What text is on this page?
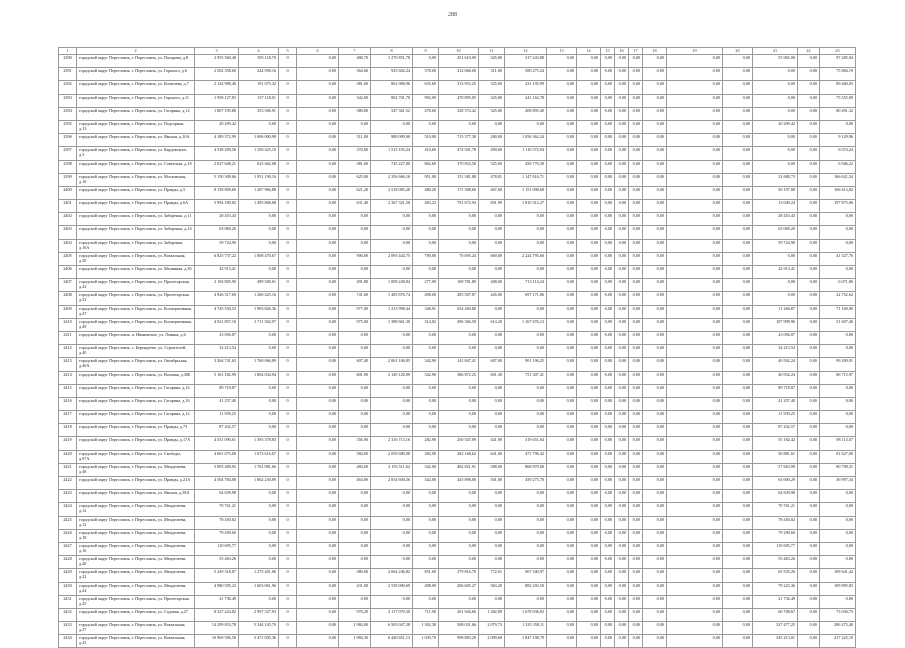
288
1	2	3	4	5	6	7	8	9	10	11	12	13	14	15	16	17	18	19	20	21	22	23
2390	городской округ Переславль, г. Переславль, ул. Пахарова, д.8	2 955 560,48	395 118,70	0	0,00	480,70	1 270 851,78	0,00	451 610,00	345,00	317 243,88	0,00	0,00	0,00	0,00	0,00	0,00	0,00	0,00	55 965,00	0,00	97 285,04
2391	городской округ Переславль, г. Переславль, ул. Горького, д.6	2 502 358,60	244 958,16	0	0,00	364,60	925 602,24	578,00	412 068,00	311,00	500 275,24	0,00	0,00	0,00	0,00	0,00	0,00	0,00	0,00	0,00	0,00	75 884,19
2392	городской округ Переславль, г. Переславль, ул. Кошелева, д.7	2 124 988,40	191 075,32	0	0,00	381,00	861 008,96	635,60	313 953,25	325,00	231 195,99	0,00	0,00	0,00	0,00	0,00	0,00	0,00	0,00	0,00	0,00	89 460,05
2393	городской округ Переславль, г. Переславль, ул. Горького, д.11	1 958 127,83	157 118,01	0	0,00	342,00	802 701,70	992,00	470 895,05	325,00	241 162,78	0,00	0,00	0,00	0,00	0,00	0,00	0,00	0,00	0,00	0,00	75 555,09
2394	городской округ Переславль, г. Переславль, ул. Гагарина, д.12	1 807 195,80	353 306,91	0	0,00	380,80	547 361,52	478,60	328 574,42	325,00	208 895,40	0,00	0,00	0,00	0,00	0,00	0,00	0,00	0,00	0,00	0,00	80 491,32
2395	городской округ Переславль, г. Переславль, ул. Подгорная, д.13	20 209,42	0,00	0	0,00	0,00	0,00	0,00	0,00	0,00	0,00	0,00	0,00	0,00	0,00	0,00	0,00	0,00	0,00	20 209,42	0,00	0,00
2396	городской округ Переславль, г. Переславль, ул. Ямская, д.10А	4 189 372,99	1 006 000,98	0	0,00	511,00	980 009,00	510,00	715 377,30	280,00	1 056 362,24	0,00	0,00	0,00	0,00	0,00	0,00	0,00	0,00	0,00	0,00	9 129,96
2397	городской округ Переславль, г. Переславль, ул. Кардовского, д.5	4 538 209,56	1 350 425,10	0	0,00	370,00	1 513 103,24	410,60	474 501,78	490,00	1 110 372,94	0,00	0,00	0,00	0,00	0,00	0,00	0,00	0,00	0,00	0,00	6 074,24
2398	городской округ Переславль, г. Переславль, ул. Советская, д.18	2 027 648,21	623 462,08	0	0,00	381,00	745 227,00	862,60	370 833,50	525,00	456 770,30	0,00	0,00	0,00	0,00	0,00	0,00	0,00	0,00	0,00	0,00	6 946,22
2399	городской округ Переславль, г. Переславль, ул. Московская, д.10	5 150 309,66	1 951 190,16	0	0,00	625,00	2 356 666,16	951,00	151 381,88	478,81	1 147 616,71	0,00	0,00	0,00	0,00	0,00	0,00	0,00	0,00	52 680,73	0,00	166 621,54
2400	городской округ Переславль, г. Переславль, ул. Правды, д.5	8 158 809,60	1 207 966,88	0	0,00	621,20	3 518 085,28	480,20	171 508,66	467,00	1 151 098,68	0,00	0,00	0,00	0,00	0,00	0,00	0,00	0,00	50 197,08	0,00	166 613,82
2401	городской округ Переславль, г. Переславль, ул. Правды, д.6А	5 994 189,82	1 495 868,68	0	0,00	631,40	2 367 321,58	483,23	791 672,94	691,99	1 810 312,27	0,00	0,00	0,00	0,00	0,00	0,00	0,00	0,00	13 049,24	0,00	197 875,06
2402	городской округ Переславль, г. Переславль, ул. Заборенка, д.11	28 453,43	0,00	0	0,00	0,00	0,00	0,00	0,00	0,00	0,00	0,00	0,00	0,00	0,00	0,00	0,00	0,00	0,00	28 453,43	0,00	0,00
2403	городской округ Переславль, г. Переславль, ул. Заборенка, д.14	63 069,20	0,00	0	0,00	0,00	0,00	0,00	0,00	0,00	0,00	0,00	0,00	0,00	0,00	0,00	0,00	0,00	0,00	63 069,20	0,00	0,00
2404	городской округ Переславль, г. Переславль, ул. Заборенка, д.16А	59 724,90	0,00	0	0,00	0,00	0,00	0,00	0,00	0,00	0,00	0,00	0,00	0,00	0,00	0,00	0,00	0,00	0,00	59 724,90	0,00	0,00
2405	городской округ Переславль, г. Переславль, ул. Вокзальная, д.50	6 825 737,22	1 008 470,67	0	0,00	900,00	2 095 444,75	790,00	70 695,24	669,00	2 224 795,60	0,00	0,00	0,00	0,00	0,00	0,00	0,00	0,00	0,00	0,00	41 527,76
2406	городской округ Переславль, г. Переславль, ул. Малинная, д.36	42 913,41	0,00	0	0,00	0,00	0,00	0,00	0,00	0,00	0,00	0,00	0,00	0,00	0,00	0,00	0,00	0,00	0,00	42 913,41	0,00	0,00
2407	городской округ Переславль, г. Переславль, ул. Пролетарская, д.22	2 194 805,90	499 500,61	0	0,00	491,80	1 009 248,84	277,00	169 781,80	408,00	713 114,24	0,00	0,00	0,00	0,00	0,00	0,00	0,00	0,00	0,00	0,00	6 071,86
2408	городской округ Переславль, г. Переславль, ул. Пролетарская, д.33	4 926 317,69	1 260 425,16	0	0,00	741,60	1 483 876,74	498,00	285 507,87	426,00	697 171,86	0,00	0,00	0,00	0,00	0,00	0,00	0,00	0,00	0,00	0,00	22 752,62
2409	городской округ Переславль, г. Переславль, ул. Кооперативная, д.47	4 745 530,53	1 903 826,36	0	0,00	977,00	1 213 998,44	348,91	654 269,80	0,00	0,00	0,00	0,00	0,00	0,00	0,00	0,00	0,00	0,00	11 266,87	0,00	71 169,90
2410	городской округ Переславль, г. Переславль, ул. Кооперативная, д.49	4 921 857,16	1 711 562,97	0	0,00	975,00	1 388 661,30	314,02	496 366,50	614,20	1 167 676,13	0,00	0,00	0,00	0,00	0,00	0,00	0,00	0,00	107 999,96	0,00	51 607,46
2411	городской округ Переславль, п. Ивановское, ул. Ленина, д.6	23 056,07	0,00	0	0,00	0,00	0,00	0,00	0,00	0,00	0,00	0,00	0,00	0,00	0,00	0,00	0,00	0,00	0,00	23 056,07	0,00	0,00
2412	городской округ Переславль, с. Берендеево, ул. Строителей, д.40	32 213,54	0,00	0	0,00	0,00	0,00	0,00	0,00	0,00	0,00	0,00	0,00	0,00	0,00	0,00	0,00	0,00	0,00	32 213,54	0,00	0,00
2413	городской округ Переславль, г. Переславль, ул. Октябрьская, д.40А	3 264 741,63	1 760 066,89	0	0,00	607,40	2 061 106,85	342,90	141 847,41	607,00	901 196,25	0,00	0,00	0,00	0,00	0,00	0,00	0,00	0,00	40 502,24	0,00	99 209,91
2414	городской округ Переславль, г. Переславль, ул. Валовая, д.30Б	5 161 182,99	1 804 034,94	0	0,00	601,90	2 149 120,09	342,90	386 872,25	601,30	751 307,41	0,00	0,00	0,00	0,00	0,00	0,00	0,00	0,00	40 932,24	0,00	86 715,97
2415	городской округ Переславль, г. Переславль, ул. Гагарина, д.14	89 718,87	0,00	0	0,00	0,00	0,00	0,00	0,00	0,00	0,00	0,00	0,00	0,00	0,00	0,00	0,00	0,00	0,00	89 718,87	0,00	0,00
2416	городской округ Переславль, г. Переславль, ул. Гагарина, д.16	41 257,40	0,00	0	0,00	0,00	0,00	0,00	0,00	0,00	0,00	0,00	0,00	0,00	0,00	0,00	0,00	0,00	0,00	41 257,40	0,00	0,00
2417	городской округ Переславль, г. Переславль, ул. Гагарина, д.12	11 939,25	0,00	0	0,00	0,00	0,00	0,00	0,00	0,00	0,00	0,00	0,00	0,00	0,00	0,00	0,00	0,00	0,00	11 939,25	0,00	0,00
2418	городской округ Переславль, г. Переславль, ул. Правды, д.73	87 432,57	0,00	0	0,00	0,00	0,00	0,00	0,00	0,00	0,00	0,00	0,00	0,00	0,00	0,00	0,00	0,00	0,00	87 432,57	0,00	0,00
2419	городской округ Переславль, г. Переславль, ул. Правды, д.17А	4 551 090,61	1 393 378,83	0	0,00	356,90	2 316 713,16	282,90	250 547,09	441,90	319 651,64	0,00	0,00	0,00	0,00	0,00	0,00	0,00	0,00	55 182,42	0,00	98 113,07
2420	городской округ Переславль, г. Переславль, ул. Свободы, д.97А	4 601 075,00	1 673 616,67	0	0,00	584,00	2 059 680,08	282,90	282 168,62	641,00	471 796,42	0,00	0,00	0,00	0,00	0,00	0,00	0,00	0,00	50 881,61	0,00	81 627,00
2421	городской округ Переславль, г. Переславль, ул. Менделеева, д.48	5 093 409,92	1 761 981,66	0	0,00	484,00	2 193 511,62	342,00	462 821,91	588,00	868 870,00	0,00	0,00	0,00	0,00	0,00	0,00	0,00	0,00	57 663,99	0,00	80 798,31
2422	городской округ Переславль, г. Переславль, ул. Правды, д.21А	4 504 784,08	1 862 230,89	0	0,00	464,00	2 054 600,36	342,00	445 898,00	501,00	459 275,70	0,00	0,00	0,00	0,00	0,00	0,00	0,00	0,00	63 000,29	0,00	36 997,34
2423	городской округ Переславль, г. Переславль, ул. Ямская, д.58А	64 639,98	0,00	0	0,00	0,00	0,00	0,00	0,00	0,00	0,00	0,00	0,00	0,00	0,00	0,00	0,00	0,00	0,00	64 639,98	0,00	0,00
2424	городской округ Переславль, г. Переславль, ул. Менделеева, д.12	70 761,21	0,00	0	0,00	0,00	0,00	0,00	0,00	0,00	0,00	0,00	0,00	0,00	0,00	0,00	0,00	0,00	0,00	70 761,21	0,00	0,00
2425	городской округ Переславль, г. Переславль, ул. Менделеева, д.12	78 450,02	0,00	0	0,00	0,00	0,00	0,00	0,00	0,00	0,00	0,00	0,00	0,00	0,00	0,00	0,00	0,00	0,00	78 450,02	0,00	0,00
2426	городской округ Переславль, г. Переславль, ул. Менделеева, д.18	79 290,60	0,00	0	0,00	0,00	0,00	0,00	0,00	0,00	0,00	0,00	0,00	0,00	0,00	0,00	0,00	0,00	0,00	79 290,60	0,00	0,00
2427	городской округ Переславль, г. Переславль, ул. Менделеева, д.16	110 695,77	0,00	0	0,00	0,00	0,00	0,00	0,00	0,00	0,00	0,00	0,00	0,00	0,00	0,00	0,00	0,00	0,00	110 695,77	0,00	0,00
2428	городской округ Переславль, г. Переславль, ул. Менделеева, д.20	55 463,26	0,00	0	0,00	0,00	0,00	0,00	0,00	0,00	0,00	0,00	0,00	0,00	0,00	0,00	0,00	0,00	0,00	55 463,26	0,00	0,00
2429	городской округ Переславль, г. Переславль, ул. Менделеева, д.22	5 249 318,07	1 275 401,06	0	0,00	380,00	2 064 246,82	851,00	279 816,70	772,01	967 340,97	0,00	0,00	0,00	0,00	0,00	0,00	0,00	0,00	65 535,26	0,00	109 641,42
2430	городской округ Переславль, г. Переславль, ул. Менделеева, д.24	4 980 595,23	1 603 061,96	0	0,00	431,00	2 539 000,69	498,00	206 605,27	563,20	882 203,50	0,00	0,00	0,00	0,00	0,00	0,00	0,00	0,00	79 223,36	0,00	109 895,83
2431	городской округ Переславль, г. Переславль, ул. Пролетарская, д.25	21 736,49	0,00	0	0,00	0,00	0,00	0,00	0,00	0,00	0,00	0,00	0,00	0,00	0,00	0,00	0,00	0,00	0,00	21 736,49	0,00	0,00
2432	городской округ Переславль, г. Переславль, ул. Садовая, д.27	8 327 224,82	2 997 527,93	0	0,00	970,20	2 117 070,30	711,90	201 944,66	1 382,89	1 678 036,92	0,00	0,00	0,00	0,00	0,00	0,00	0,00	0,00	60 708,67	0,00	73 036,75
2433	городской округ Переславль, г. Переславль, ул. Вокзальная, д.27	14 299 833,78	5 344 145,70	0	0,00	1 984,00	6 503 047,28	1 302,30	508 031,66	2 079,73	1 335 358,11	0,00	0,00	0,00	0,00	0,00	0,00	0,00	0,00	327 477,25	0,00	286 275,40
2434	городской округ Переславль, г. Переславль, ул. Вокзальная, д.25	16 969 596,58	5 471 005,36	0	0,00	1 984,30	6 440 651,13	1 039,70	998 883,29	2 099,60	1 847 108,79	0,00	0,00	0,00	0,00	0,00	0,00	0,00	0,00	345 213,01	0,00	417 225,19
